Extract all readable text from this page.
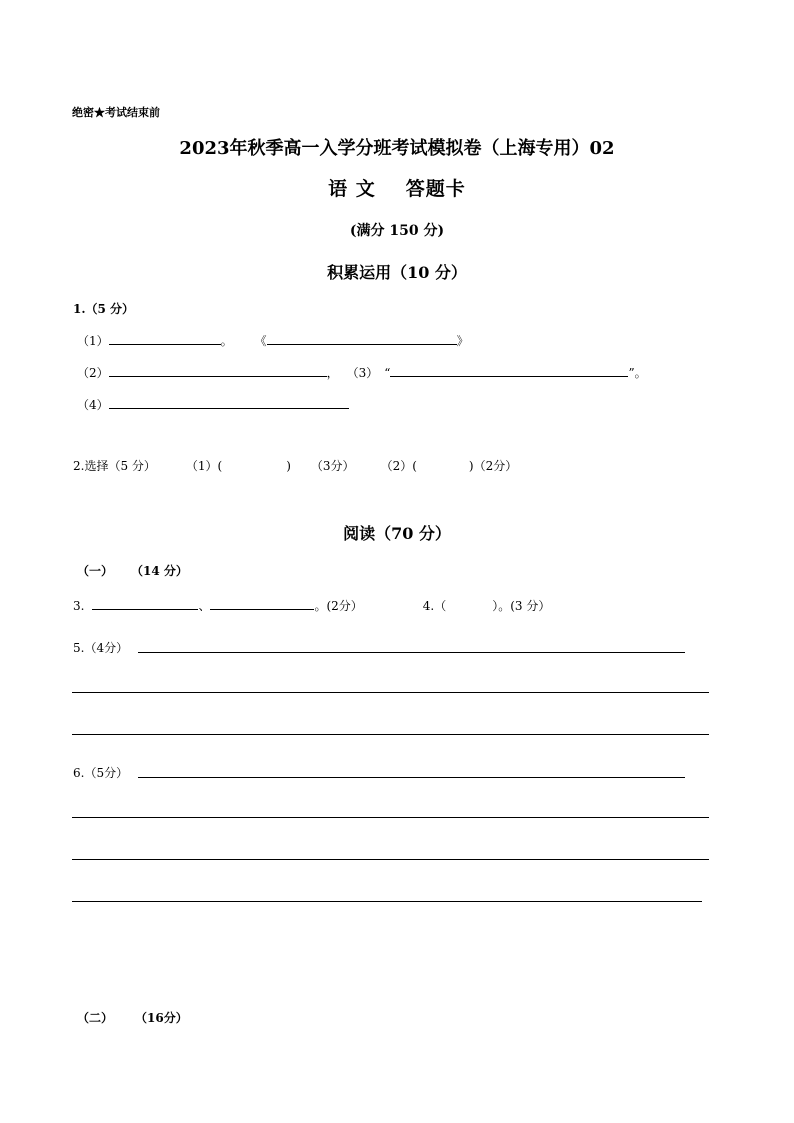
绝密★考试结束前
2023年秋季高一入学分班考试模拟卷（上海专用）02
语 文 答题卡
(满分 150 分)
积累运用（10 分）
1.（5 分）
（1）	。 《	》
（2）	， （3） “	”。
（4）
2.选择（5 分）	（1）(	) （3分） （2）(	)（2分）
阅读（70 分）
（一） （14 分）
3.	、	。(2分）	4.（	）。(3 分）
5.（4分）
6.（5分）
（二） （16分）
